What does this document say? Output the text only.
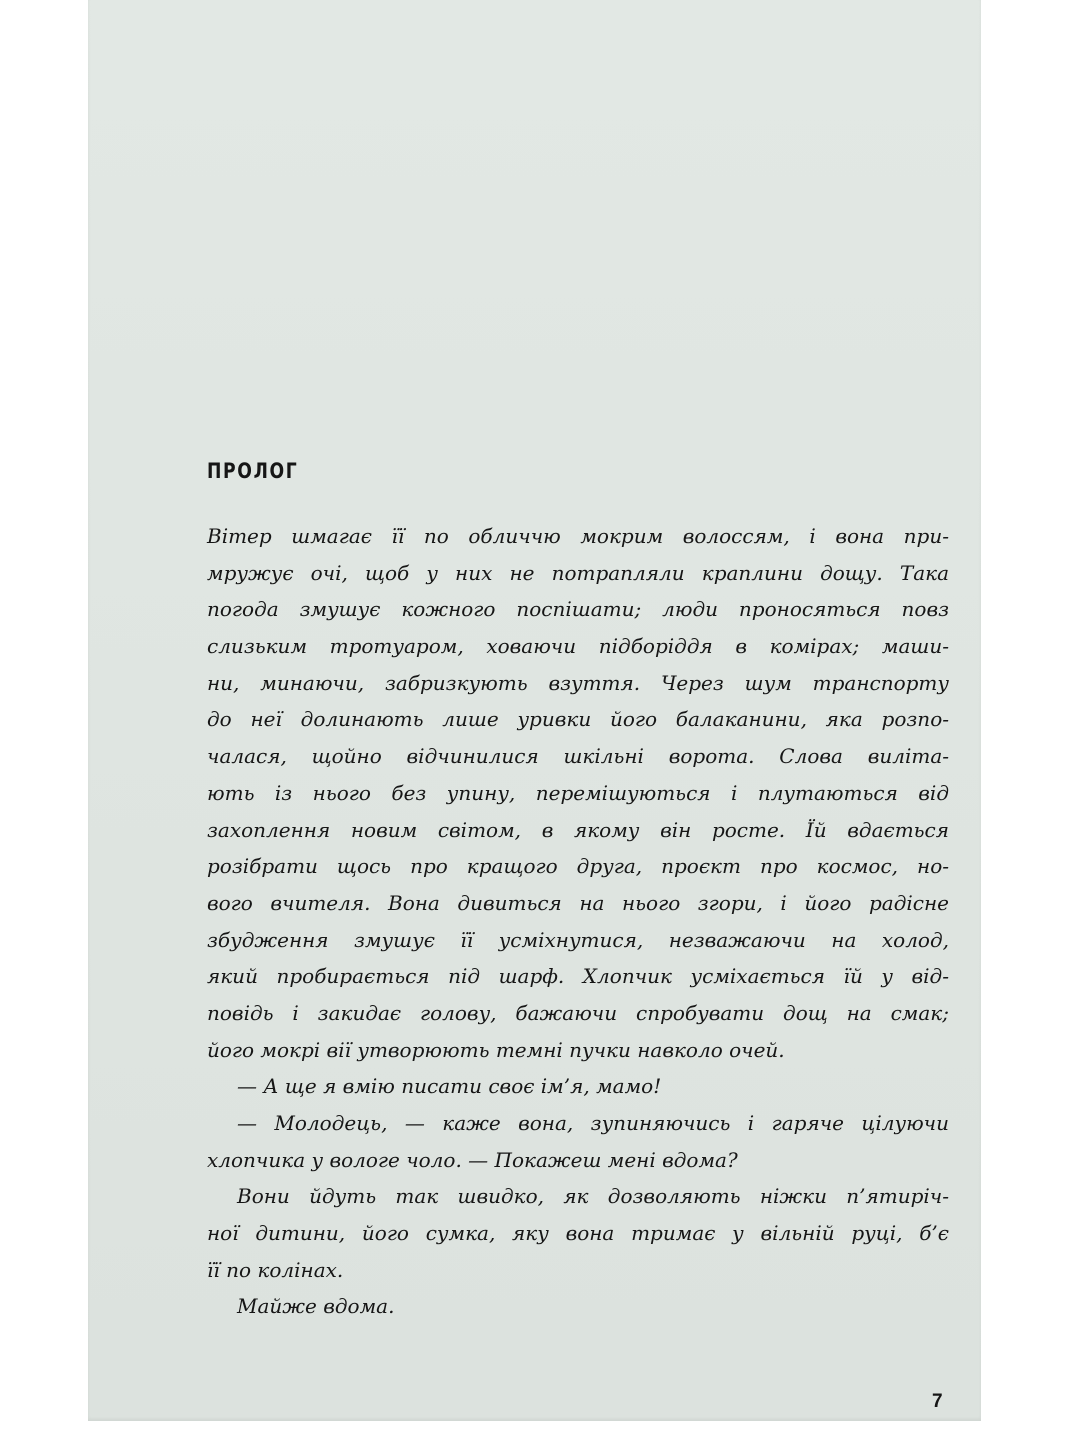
ПРОЛОГ
Вітер шмагає її по обличчю мокрим волоссям, і вона при-
мружує очі, щоб у них не потрапляли краплини дощу. Така
погода змушує кожного поспішати; люди проносяться повз
слизьким тротуаром, ховаючи підборіддя в комірах; маши-
ни, минаючи, забризкують взуття. Через шум транспорту
до неї долинають лише уривки його балаканини, яка розпо-
чалася, щойно відчинилися шкільні ворота. Слова виліта-
ють із нього без упину, перемішуються і плутаються від
захоплення новим світом, в якому він росте. Їй вдається
розібрати щось про кращого друга, проєкт про космос, но-
вого вчителя. Вона дивиться на нього згори, і його радісне
збудження змушує її усміхнутися, незважаючи на холод,
який пробирається під шарф. Хлопчик усміхається їй у від-
повідь і закидає голову, бажаючи спробувати дощ на смак;
його мокрі вії утворюють темні пучки навколо очей.
— А ще я вмію писати своє ім’я, мамо!
— Молодець, — каже вона, зупиняючись і гаряче цілуючи
хлопчика у вологе чоло. — Покажеш мені вдома?
Вони йдуть так швидко, як дозволяють ніжки п’ятиріч-
ної дитини, його сумка, яку вона тримає у вільній руці, б’є
її по колінах.
Майже вдома.
7
